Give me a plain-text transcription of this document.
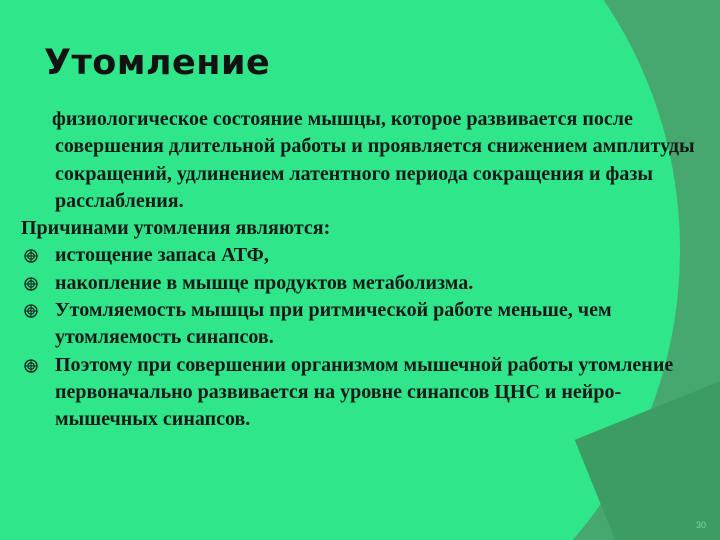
Утомление

физиологическое состояние мышцы, которое развивается после совершения длительной работы и проявляется снижением амплитуды сокращений, удлинением латентного периода сокращения и фазы расслабления.

Причинами утомления являются:

истощение запаса АТФ,
накопление в мышце продуктов метаболизма.
Утомляемость мышцы при ритмической работе меньше, чем утомляемость синапсов.
Поэтому при совершении организмом мышечной работы утомление первоначально развивается на уровне синапсов ЦНС и нейро-мышечных синапсов.
30
